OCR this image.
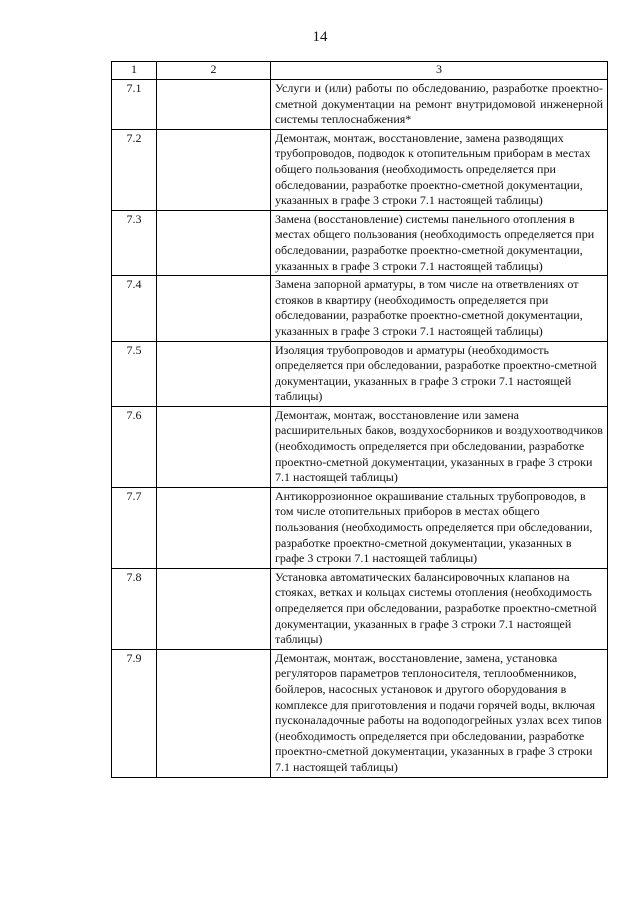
14
1	2	3
7.1		Услуги и (или) работы по обследованию, разработке проектно-сметной документации на ремонт внутридомовой инженерной системы теплоснабжения*
7.2		Демонтаж, монтаж, восстановление, замена разводящих трубопроводов, подводок к отопительным приборам в местах общего пользования (необходимость определяется при обследовании, разработке проектно-сметной документации, указанных в графе 3 строки 7.1 настоящей таблицы)
7.3		Замена (восстановление) системы панельного отопления в местах общего пользования (необходимость определяется при обследовании, разработке проектно-сметной документации, указанных в графе 3 строки 7.1 настоящей таблицы)
7.4		Замена запорной арматуры, в том числе на ответвлениях от стояков в квартиру (необходимость определяется при обследовании, разработке проектно-сметной документации, указанных в графе 3 строки 7.1 настоящей таблицы)
7.5		Изоляция трубопроводов и арматуры (необходимость определяется при обследовании, разработке проектно-сметной документации, указанных в графе 3 строки 7.1 настоящей таблицы)
7.6		Демонтаж, монтаж, восстановление или замена расширительных баков, воздухосборников и воздухоотводчиков (необходимость определяется при обследовании, разработке проектно-сметной документации, указанных в графе 3 строки 7.1 настоящей таблицы)
7.7		Антикоррозионное окрашивание стальных трубопроводов, в том числе отопительных приборов в местах общего пользования (необходимость определяется при обследовании, разработке проектно-сметной документации, указанных в графе 3 строки 7.1 настоящей таблицы)
7.8		Установка автоматических балансировочных клапанов на стояках, ветках и кольцах системы отопления (необходимость определяется при обследовании, разработке проектно-сметной документации, указанных в графе 3 строки 7.1 настоящей таблицы)
7.9		Демонтаж, монтаж, восстановление, замена, установка регуляторов параметров теплоносителя, теплообменников, бойлеров, насосных установок и другого оборудования в комплексе для приготовления и подачи горячей воды, включая пусконаладочные работы на водоподогрейных узлах всех типов (необходимость определяется при обследовании, разработке проектно-сметной документации, указанных в графе 3 строки 7.1 настоящей таблицы)
